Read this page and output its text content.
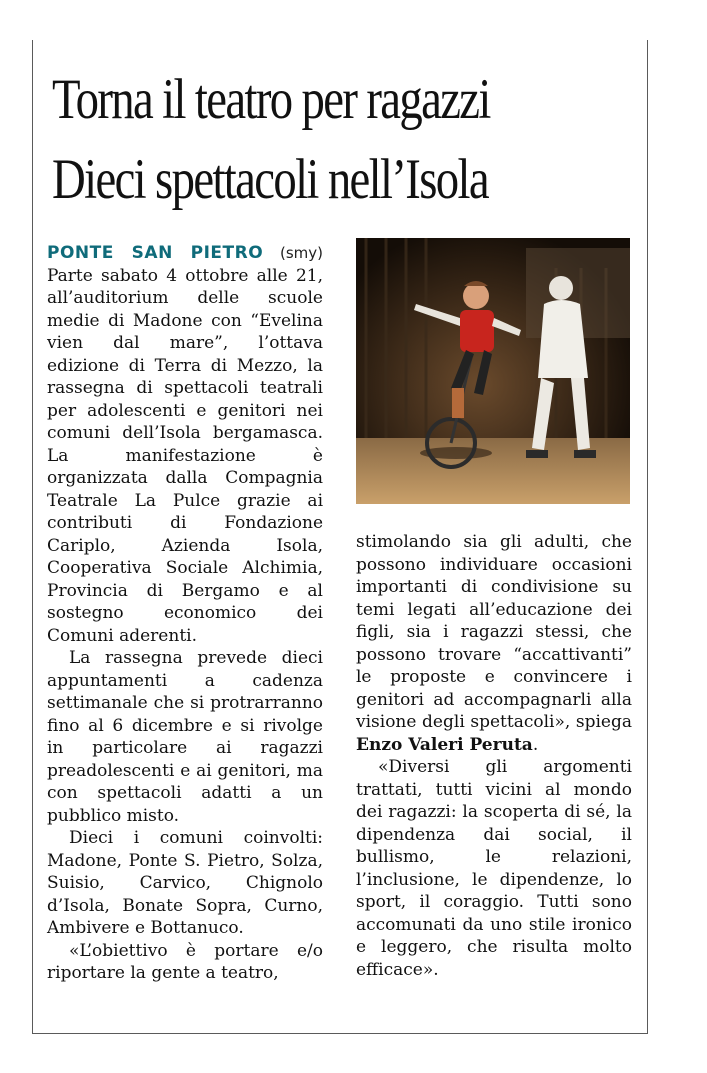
Torna il teatro per ragazzi
Dieci spettacoli nell’Isola

PONTE SAN PIETRO (smy) Parte sabato 4 ottobre alle 21, all’auditorium delle scuole medie di Madone con “Evelina vien dal mare”, l’ottava edizione di Terra di Mezzo, la rassegna di spettacoli teatrali per adolescenti e genitori nei comuni dell’Isola bergamasca. La manifestazione è organizzata dalla Compagnia Teatrale La Pulce grazie ai contributi di Fondazione Cariplo, Azienda Isola, Cooperativa Sociale Alchimia, Provincia di Bergamo e al sostegno economico dei Comuni aderenti.

La rassegna prevede dieci appuntamenti a cadenza settimanale che si protrarranno fino al 6 dicembre e si rivolge in particolare ai ragazzi preadolescenti e ai genitori, ma con spettacoli adatti a un pubblico misto.

Dieci i comuni coinvolti: Madone, Ponte S. Pietro, Solza, Suisio, Carvico, Chignolo d’Isola, Bonate Sopra, Curno, Ambivere e Bottanuco.

«L’obiettivo è portare e/o riportare la gente a teatro,

stimolando sia gli adulti, che possono individuare occasioni importanti di condivisione su temi legati all’educazione dei figli, sia i ragazzi stessi, che possono trovare “accattivanti” le proposte e convincere i genitori ad accompagnarli alla visione degli spettacoli», spiega Enzo Valeri Peruta.

«Diversi gli argomenti trattati, tutti vicini al mondo dei ragazzi: la scoperta di sé, la dipendenza dai social, il bullismo, le relazioni, l’inclusione, le dipendenze, lo sport, il coraggio. Tutti sono accomunati da uno stile ironico e leggero, che risulta molto efficace».
